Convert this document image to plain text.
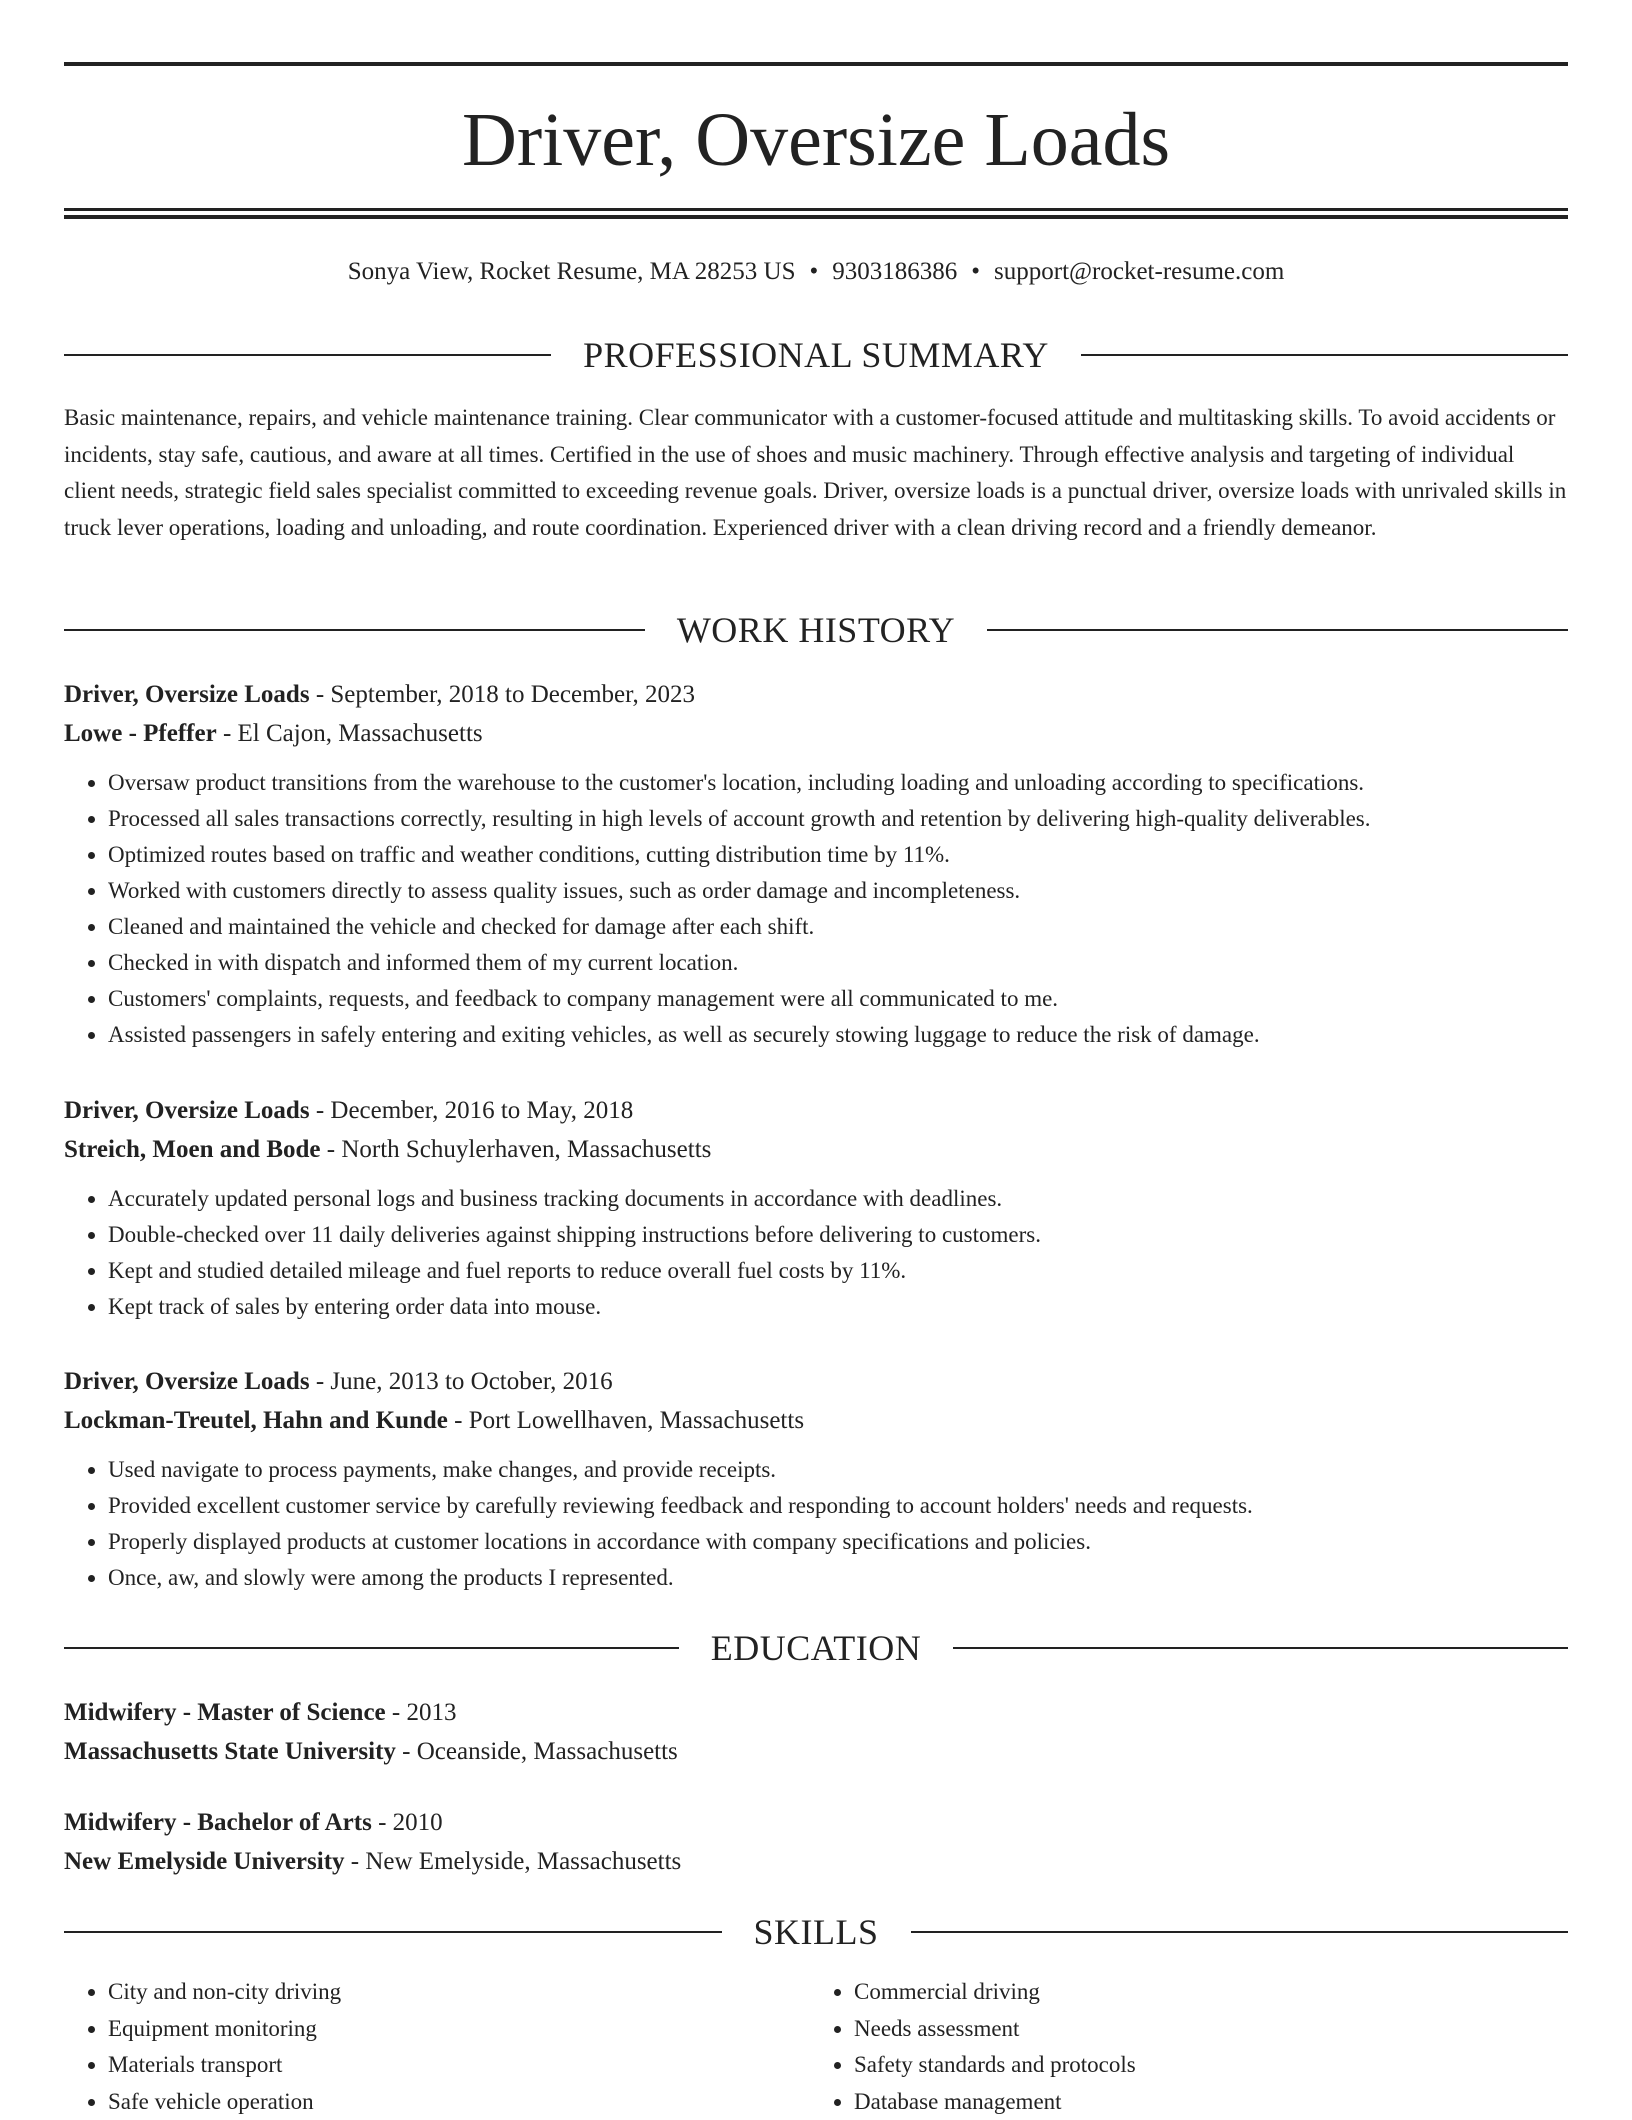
Driver, Oversize Loads
Sonya View, Rocket Resume, MA 28253 US • 9303186386 • support@rocket-resume.com
PROFESSIONAL SUMMARY

Basic maintenance, repairs, and vehicle maintenance training. Clear communicator with a customer-focused attitude and multitasking skills. To avoid accidents or incidents, stay safe, cautious, and aware at all times. Certified in the use of shoes and music machinery. Through effective analysis and targeting of individual client needs, strategic field sales specialist committed to exceeding revenue goals. Driver, oversize loads is a punctual driver, oversize loads with unrivaled skills in truck lever operations, loading and unloading, and route coordination. Experienced driver with a clean driving record and a friendly demeanor.

WORK HISTORY
Driver, Oversize Loads - September, 2018 to December, 2023
Lowe - Pfeffer - El Cajon, Massachusetts
• Oversaw product transitions from the warehouse to the customer's location, including loading and unloading according to specifications.
• Processed all sales transactions correctly, resulting in high levels of account growth and retention by delivering high-quality deliverables.
• Optimized routes based on traffic and weather conditions, cutting distribution time by 11%.
• Worked with customers directly to assess quality issues, such as order damage and incompleteness.
• Cleaned and maintained the vehicle and checked for damage after each shift.
• Checked in with dispatch and informed them of my current location.
• Customers' complaints, requests, and feedback to company management were all communicated to me.
• Assisted passengers in safely entering and exiting vehicles, as well as securely stowing luggage to reduce the risk of damage.
Driver, Oversize Loads - December, 2016 to May, 2018
Streich, Moen and Bode - North Schuylerhaven, Massachusetts
• Accurately updated personal logs and business tracking documents in accordance with deadlines.
• Double-checked over 11 daily deliveries against shipping instructions before delivering to customers.
• Kept and studied detailed mileage and fuel reports to reduce overall fuel costs by 11%.
• Kept track of sales by entering order data into mouse.
Driver, Oversize Loads - June, 2013 to October, 2016
Lockman-Treutel, Hahn and Kunde - Port Lowellhaven, Massachusetts
• Used navigate to process payments, make changes, and provide receipts.
• Provided excellent customer service by carefully reviewing feedback and responding to account holders' needs and requests.
• Properly displayed products at customer locations in accordance with company specifications and policies.
• Once, aw, and slowly were among the products I represented.
EDUCATION
Midwifery - Master of Science - 2013
Massachusetts State University - Oceanside, Massachusetts
Midwifery - Bachelor of Arts - 2010
New Emelyside University - New Emelyside, Massachusetts
SKILLS
• City and non-city driving
• Equipment monitoring
• Materials transport
• Safe vehicle operation
• Commercial driving
• Needs assessment
• Safety standards and protocols
• Database management
